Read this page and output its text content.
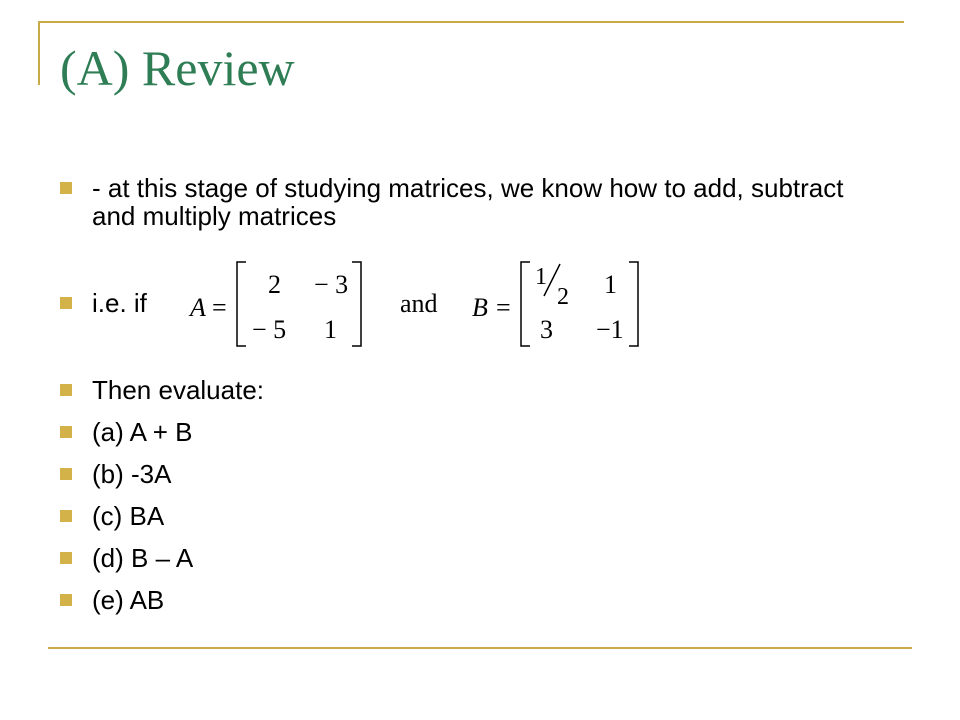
(A) Review
- at this stage of studying matrices, we know how to add, subtract and multiply matrices
i.e. if A =
2 − 3
− 5 1
and B =
1
2 1
3 −1
Then evaluate:
(a) A + B
(b) -3A
(c) BA
(d) B – A
(e) AB
